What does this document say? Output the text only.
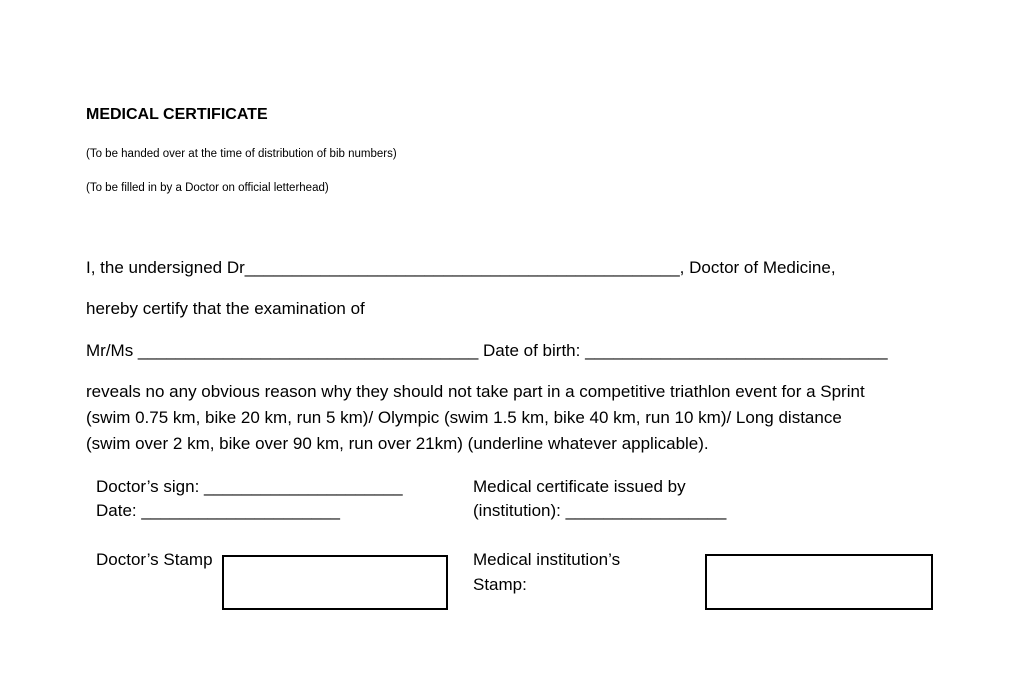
MEDICAL CERTIFICATE
(To be handed over at the time of distribution of bib numbers)
(To be filled in by a Doctor on official letterhead)
I, the undersigned Dr______________________________________________, Doctor of Medicine,
hereby certify that the examination of
Mr/Ms ____________________________________ Date of birth: ________________________________
reveals no any obvious reason why they should not take part in a competitive triathlon event for a Sprint
(swim 0.75 km, bike 20 km, run 5 km)/ Olympic (swim 1.5 km, bike 40 km, run 10 km)/ Long distance
(swim over 2 km, bike over 90 km, run over 21km) (underline whatever applicable).
Doctor’s sign: _____________________
Date: _____________________
Medical certificate issued by
(institution): _________________
Doctor’s Stamp	Medical institution’s
Stamp:
